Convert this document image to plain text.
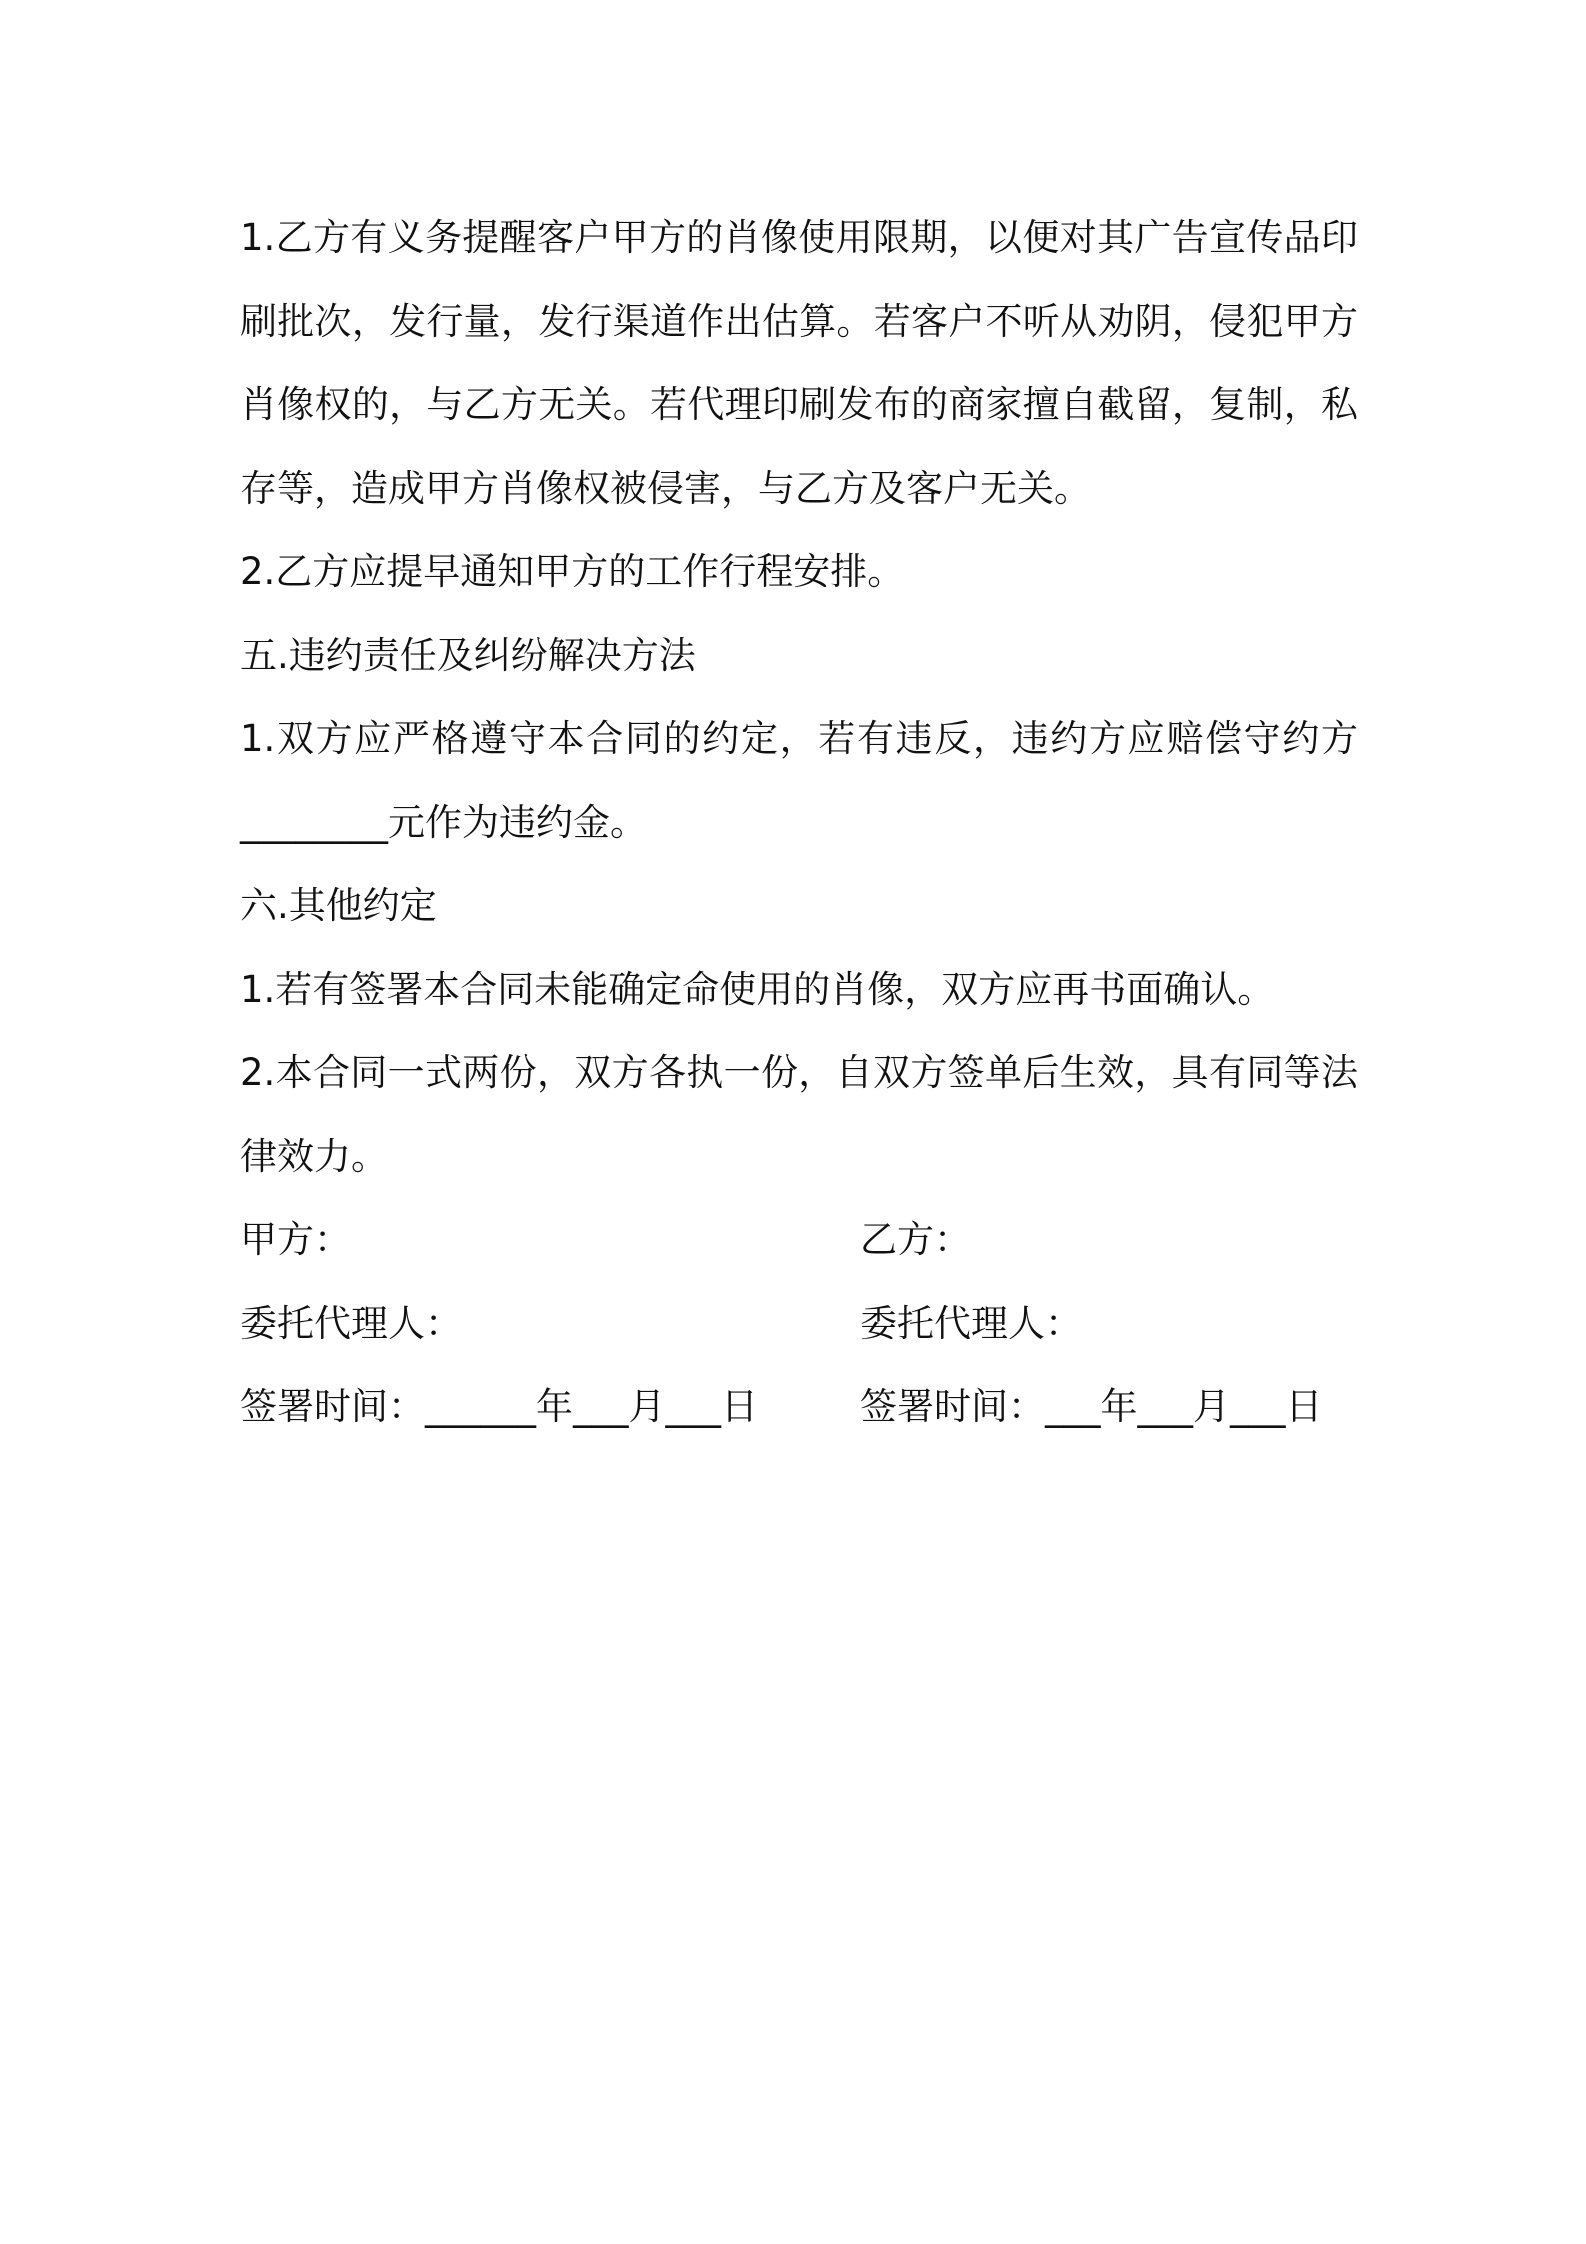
1.乙方有义务提醒客户甲方的肖像使用限期，以便对其广告宣传品印

刷批次，发行量，发行渠道作出估算。若客户不听从劝阴，侵犯甲方

肖像权的，与乙方无关。若代理印刷发布的商家擅自截留，复制，私

存等，造成甲方肖像权被侵害，与乙方及客户无关。

2.乙方应提早通知甲方的工作行程安排。
五.违约责任及纠纷解决方法

1.双方应严格遵守本合同的约定，若有违反，违约方应赔偿守约方

________元作为违约金。

六.其他约定
1.若有签署本合同未能确定命使用的肖像，双方应再书面确认。

2.本合同一式两份，双方各执一份，自双方签单后生效，具有同等法

律效力。

甲方：	乙方：
委托代理人：	委托代理人：
签署时间：______年___月___日	签署时间：___年___月___日
